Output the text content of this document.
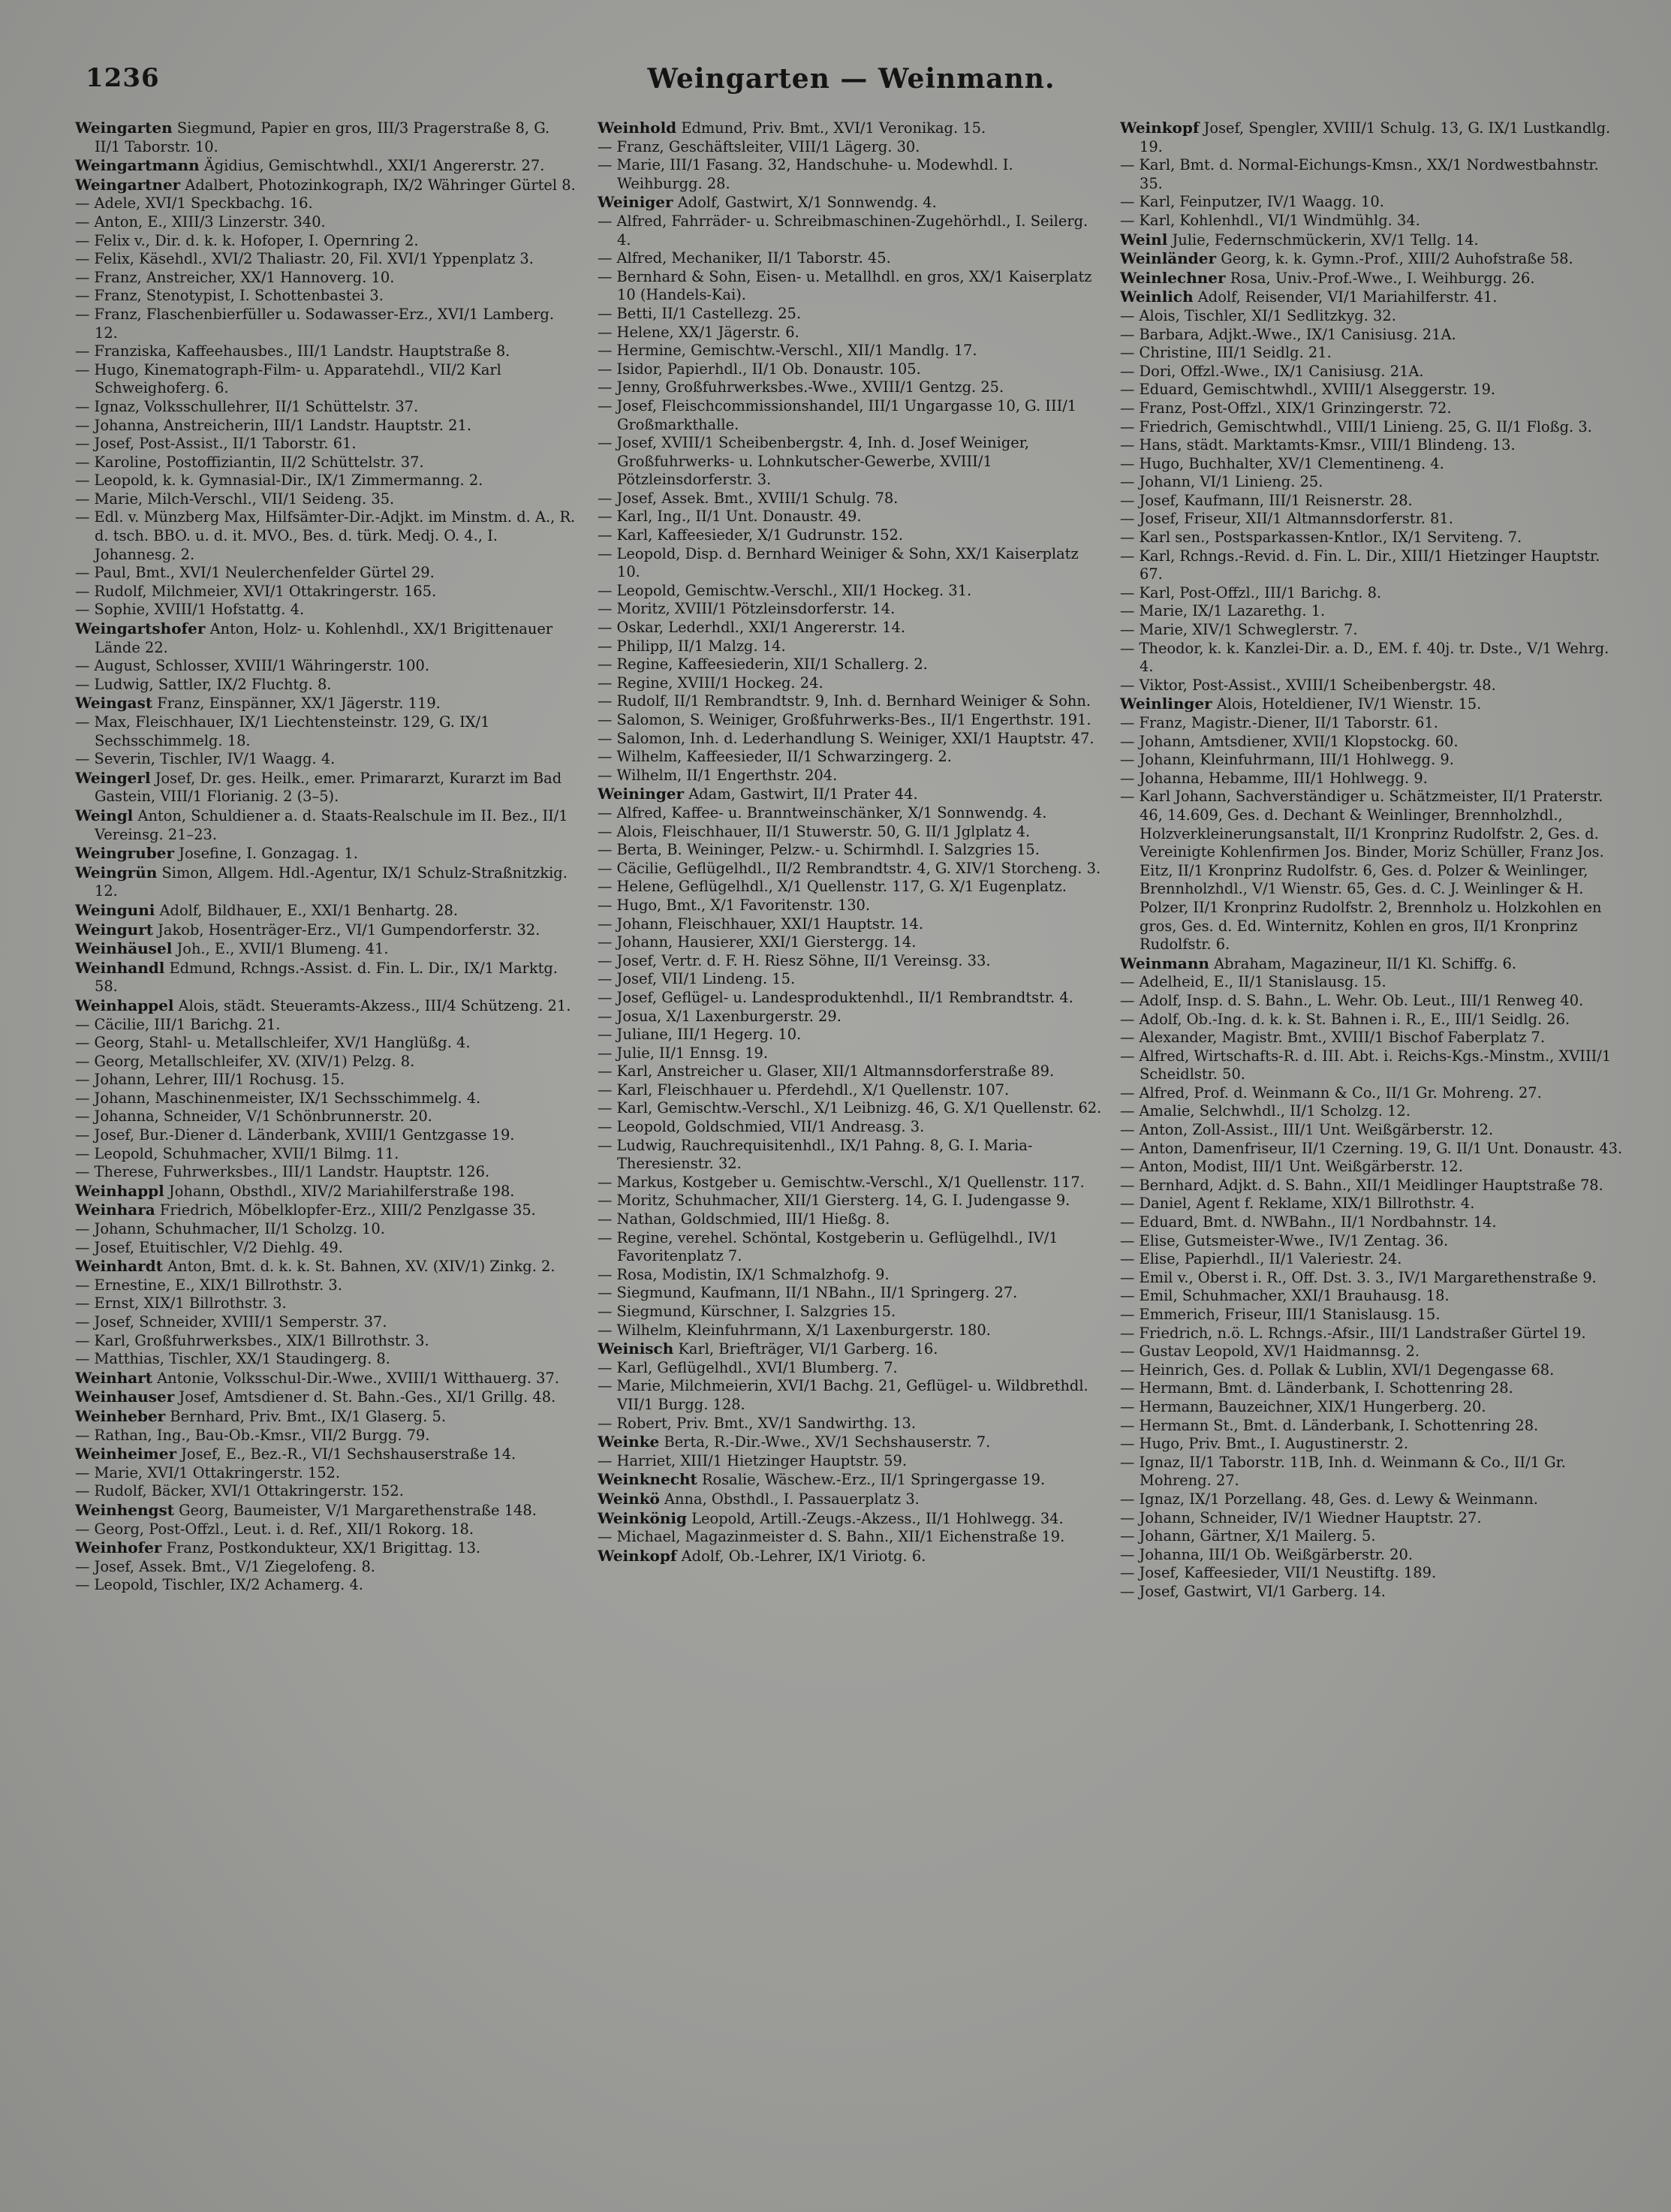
1236	Weingarten — Weinmann.
Weingarten Siegmund, Papier en gros, III/3 Pragerstraße 8, G. II/1 Taborstr. 10.
Weingartmann Ägidius, Gemischtwhdl., XXI/1 Angererstr. 27.
Weingartner Adalbert, Photozinkograph, IX/2 Währinger Gürtel 8.
— Adele, XVI/1 Speckbachg. 16.
— Anton, E., XIII/3 Linzerstr. 340.
— Felix v., Dir. d. k. k. Hofoper, I. Opernring 2.
— Felix, Käsehdl., XVI/2 Thaliastr. 20, Fil. XVI/1 Yppenplatz 3.
— Franz, Anstreicher, XX/1 Hannoverg. 10.
— Franz, Stenotypist, I. Schottenbastei 3.
— Franz, Flaschenbierfüller u. Sodawasser-Erz., XVI/1 Lamberg. 12.
— Franziska, Kaffeehausbes., III/1 Landstr. Hauptstraße 8.
— Hugo, Kinematograph-Film- u. Apparatehdl., VII/2 Karl Schweighoferg. 6.
— Ignaz, Volksschullehrer, II/1 Schüttelstr. 37.
— Johanna, Anstreicherin, III/1 Landstr. Hauptstr. 21.
— Josef, Post-Assist., II/1 Taborstr. 61.
— Karoline, Postoffiziantin, II/2 Schüttelstr. 37.
— Leopold, k. k. Gymnasial-Dir., IX/1 Zimmermanng. 2.
— Marie, Milch-Verschl., VII/1 Seideng. 35.
— Edl. v. Münzberg Max, Hilfsämter-Dir.-Adjkt. im Minstm. d. A., R. d. tsch. BBO. u. d. it. MVO., Bes. d. türk. Medj. O. 4., I. Johannesg. 2.
— Paul, Bmt., XVI/1 Neulerchenfelder Gürtel 29.
— Rudolf, Milchmeier, XVI/1 Ottakringerstr. 165.
— Sophie, XVIII/1 Hofstattg. 4.
Weingartshofer Anton, Holz- u. Kohlenhdl., XX/1 Brigittenauer Lände 22.
— August, Schlosser, XVIII/1 Währingerstr. 100.
— Ludwig, Sattler, IX/2 Fluchtg. 8.
Weingast Franz, Einspänner, XX/1 Jägerstr. 119.
— Max, Fleischhauer, IX/1 Liechtensteinstr. 129, G. IX/1 Sechsschimmelg. 18.
— Severin, Tischler, IV/1 Waagg. 4.
Weingerl Josef, Dr. ges. Heilk., emer. Primararzt, Kurarzt im Bad Gastein, VIII/1 Florianig. 2 (3–5).
Weingl Anton, Schuldiener a. d. Staats-Realschule im II. Bez., II/1 Vereinsg. 21–23.
Weingruber Josefine, I. Gonzagag. 1.
Weingrün Simon, Allgem. Hdl.-Agentur, IX/1 Schulz-Straßnitzkig. 12.
Weinguni Adolf, Bildhauer, E., XXI/1 Benhartg. 28.
Weingurt Jakob, Hosenträger-Erz., VI/1 Gumpendorferstr. 32.
Weinhäusel Joh., E., XVII/1 Blumeng. 41.
Weinhandl Edmund, Rchngs.-Assist. d. Fin. L. Dir., IX/1 Marktg. 58.
Weinhappel Alois, städt. Steueramts-Akzess., III/4 Schützeng. 21.
— Cäcilie, III/1 Barichg. 21.
— Georg, Stahl- u. Metallschleifer, XV/1 Hanglüßg. 4.
— Georg, Metallschleifer, XV. (XIV/1) Pelzg. 8.
— Johann, Lehrer, III/1 Rochusg. 15.
— Johann, Maschinenmeister, IX/1 Sechsschimmelg. 4.
— Johanna, Schneider, V/1 Schönbrunnerstr. 20.
— Josef, Bur.-Diener d. Länderbank, XVIII/1 Gentzgasse 19.
— Leopold, Schuhmacher, XVII/1 Bilmg. 11.
— Therese, Fuhrwerksbes., III/1 Landstr. Hauptstr. 126.
Weinhappl Johann, Obsthdl., XIV/2 Mariahilferstraße 198.
Weinhara Friedrich, Möbelklopfer-Erz., XIII/2 Penzlgasse 35.
— Johann, Schuhmacher, II/1 Scholzg. 10.
— Josef, Etuitischler, V/2 Diehlg. 49.
Weinhardt Anton, Bmt. d. k. k. St. Bahnen, XV. (XIV/1) Zinkg. 2.
— Ernestine, E., XIX/1 Billrothstr. 3.
— Ernst, XIX/1 Billrothstr. 3.
— Josef, Schneider, XVIII/1 Semperstr. 37.
— Karl, Großfuhrwerksbes., XIX/1 Billrothstr. 3.
— Matthias, Tischler, XX/1 Staudingerg. 8.
Weinhart Antonie, Volksschul-Dir.-Wwe., XVIII/1 Witthauerg. 37.
Weinhauser Josef, Amtsdiener d. St. Bahn.-Ges., XI/1 Grillg. 48.
Weinheber Bernhard, Priv. Bmt., IX/1 Glaserg. 5.
— Rathan, Ing., Bau-Ob.-Kmsr., VII/2 Burgg. 79.
Weinheimer Josef, E., Bez.-R., VI/1 Sechshauserstraße 14.
— Marie, XVI/1 Ottakringerstr. 152.
— Rudolf, Bäcker, XVI/1 Ottakringerstr. 152.
Weinhengst Georg, Baumeister, V/1 Margarethenstraße 148.
— Georg, Post-Offzl., Leut. i. d. Ref., XII/1 Rokorg. 18.
Weinhofer Franz, Postkondukteur, XX/1 Brigittag. 13.
— Josef, Assek. Bmt., V/1 Ziegelofeng. 8.
— Leopold, Tischler, IX/2 Achamerg. 4.
Weinhold Edmund, Priv. Bmt., XVI/1 Veronikag. 15.
— Franz, Geschäftsleiter, VIII/1 Lägerg. 30.
— Marie, III/1 Fasang. 32, Handschuhe- u. Modewhdl. I. Weihburgg. 28.
Weiniger Adolf, Gastwirt, X/1 Sonnwendg. 4.
— Alfred, Fahrräder- u. Schreibmaschinen-Zugehörhdl., I. Seilerg. 4.
— Alfred, Mechaniker, II/1 Taborstr. 45.
— Bernhard & Sohn, Eisen- u. Metallhdl. en gros, XX/1 Kaiserplatz 10 (Handels-Kai).
— Betti, II/1 Castellezg. 25.
— Helene, XX/1 Jägerstr. 6.
— Hermine, Gemischtw.-Verschl., XII/1 Mandlg. 17.
— Isidor, Papierhdl., II/1 Ob. Donaustr. 105.
— Jenny, Großfuhrwerksbes.-Wwe., XVIII/1 Gentzg. 25.
— Josef, Fleischcommissionshandel, III/1 Ungargasse 10, G. III/1 Großmarkthalle.
— Josef, XVIII/1 Scheibenbergstr. 4, Inh. d. Josef Weiniger, Großfuhrwerks- u. Lohnkutscher-Gewerbe, XVIII/1 Pötzleinsdorferstr. 3.
— Josef, Assek. Bmt., XVIII/1 Schulg. 78.
— Karl, Ing., II/1 Unt. Donaustr. 49.
— Karl, Kaffeesieder, X/1 Gudrunstr. 152.
— Leopold, Disp. d. Bernhard Weiniger & Sohn, XX/1 Kaiserplatz 10.
— Leopold, Gemischtw.-Verschl., XII/1 Hockeg. 31.
— Moritz, XVIII/1 Pötzleinsdorferstr. 14.
— Oskar, Lederhdl., XXI/1 Angererstr. 14.
— Philipp, II/1 Malzg. 14.
— Regine, Kaffeesiederin, XII/1 Schallerg. 2.
— Regine, XVIII/1 Hockeg. 24.
— Rudolf, II/1 Rembrandtstr. 9, Inh. d. Bernhard Weiniger & Sohn.
— Salomon, S. Weiniger, Großfuhrwerks-Bes., II/1 Engerthstr. 191.
— Salomon, Inh. d. Lederhandlung S. Weiniger, XXI/1 Hauptstr. 47.
— Wilhelm, Kaffeesieder, II/1 Schwarzingerg. 2.
— Wilhelm, II/1 Engerthstr. 204.
Weininger Adam, Gastwirt, II/1 Prater 44.
— Alfred, Kaffee- u. Branntweinschänker, X/1 Sonnwendg. 4.
— Alois, Fleischhauer, II/1 Stuwerstr. 50, G. II/1 Jglplatz 4.
— Berta, B. Weininger, Pelzw.- u. Schirmhdl. I. Salzgries 15.
— Cäcilie, Geflügelhdl., II/2 Rembrandtstr. 4, G. XIV/1 Storcheng. 3.
— Helene, Geflügelhdl., X/1 Quellenstr. 117, G. X/1 Eugenplatz.
— Hugo, Bmt., X/1 Favoritenstr. 130.
— Johann, Fleischhauer, XXI/1 Hauptstr. 14.
— Johann, Hausierer, XXI/1 Gierstergg. 14.
— Josef, Vertr. d. F. H. Riesz Söhne, II/1 Vereinsg. 33.
— Josef, VII/1 Lindeng. 15.
— Josef, Geflügel- u. Landesproduktenhdl., II/1 Rembrandtstr. 4.
— Josua, X/1 Laxenburgerstr. 29.
— Juliane, III/1 Hegerg. 10.
— Julie, II/1 Ennsg. 19.
— Karl, Anstreicher u. Glaser, XII/1 Altmannsdorferstraße 89.
— Karl, Fleischhauer u. Pferdehdl., X/1 Quellenstr. 107.
— Karl, Gemischtw.-Verschl., X/1 Leibnizg. 46, G. X/1 Quellenstr. 62.
— Leopold, Goldschmied, VII/1 Andreasg. 3.
— Ludwig, Rauchrequisitenhdl., IX/1 Pahng. 8, G. I. Maria-Theresienstr. 32.
— Markus, Kostgeber u. Gemischtw.-Verschl., X/1 Quellenstr. 117.
— Moritz, Schuhmacher, XII/1 Giersterg. 14, G. I. Judengasse 9.
— Nathan, Goldschmied, III/1 Hießg. 8.
— Regine, verehel. Schöntal, Kostgeberin u. Geflügelhdl., IV/1 Favoritenplatz 7.
— Rosa, Modistin, IX/1 Schmalzhofg. 9.
— Siegmund, Kaufmann, II/1 NBahn., II/1 Springerg. 27.
— Siegmund, Kürschner, I. Salzgries 15.
— Wilhelm, Kleinfuhrmann, X/1 Laxenburgerstr. 180.
Weinisch Karl, Briefträger, VI/1 Garberg. 16.
— Karl, Geflügelhdl., XVI/1 Blumberg. 7.
— Marie, Milchmeierin, XVI/1 Bachg. 21, Geflügel- u. Wildbrethdl. VII/1 Burgg. 128.
— Robert, Priv. Bmt., XV/1 Sandwirthg. 13.
Weinke Berta, R.-Dir.-Wwe., XV/1 Sechshauserstr. 7.
— Harriet, XIII/1 Hietzinger Hauptstr. 59.
Weinknecht Rosalie, Wäschew.-Erz., II/1 Springergasse 19.
Weinkö Anna, Obsthdl., I. Passauerplatz 3.
Weinkönig Leopold, Artill.-Zeugs.-Akzess., II/1 Hohlwegg. 34.
— Michael, Magazinmeister d. S. Bahn., XII/1 Eichenstraße 19.
Weinkopf Adolf, Ob.-Lehrer, IX/1 Viriotg. 6.
Weinkopf Josef, Spengler, XVIII/1 Schulg. 13, G. IX/1 Lustkandlg. 19.
— Karl, Bmt. d. Normal-Eichungs-Kmsn., XX/1 Nordwestbahnstr. 35.
— Karl, Feinputzer, IV/1 Waagg. 10.
— Karl, Kohlenhdl., VI/1 Windmühlg. 34.
Weinl Julie, Federnschmückerin, XV/1 Tellg. 14.
Weinländer Georg, k. k. Gymn.-Prof., XIII/2 Auhofstraße 58.
Weinlechner Rosa, Univ.-Prof.-Wwe., I. Weihburgg. 26.
Weinlich Adolf, Reisender, VI/1 Mariahilferstr. 41.
— Alois, Tischler, XI/1 Sedlitzkyg. 32.
— Barbara, Adjkt.-Wwe., IX/1 Canisiusg. 21A.
— Christine, III/1 Seidlg. 21.
— Dori, Offzl.-Wwe., IX/1 Canisiusg. 21A.
— Eduard, Gemischtwhdl., XVIII/1 Alseggerstr. 19.
— Franz, Post-Offzl., XIX/1 Grinzingerstr. 72.
— Friedrich, Gemischtwhdl., VIII/1 Linieng. 25, G. II/1 Floßg. 3.
— Hans, städt. Marktamts-Kmsr., VIII/1 Blindeng. 13.
— Hugo, Buchhalter, XV/1 Clementineng. 4.
— Johann, VI/1 Linieng. 25.
— Josef, Kaufmann, III/1 Reisnerstr. 28.
— Josef, Friseur, XII/1 Altmannsdorferstr. 81.
— Karl sen., Postsparkassen-Kntlor., IX/1 Serviteng. 7.
— Karl, Rchngs.-Revid. d. Fin. L. Dir., XIII/1 Hietzinger Hauptstr. 67.
— Karl, Post-Offzl., III/1 Barichg. 8.
— Marie, IX/1 Lazarethg. 1.
— Marie, XIV/1 Schweglerstr. 7.
— Theodor, k. k. Kanzlei-Dir. a. D., EM. f. 40j. tr. Dste., V/1 Wehrg. 4.
— Viktor, Post-Assist., XVIII/1 Scheibenbergstr. 48.
Weinlinger Alois, Hoteldiener, IV/1 Wienstr. 15.
— Franz, Magistr.-Diener, II/1 Taborstr. 61.
— Johann, Amtsdiener, XVII/1 Klopstockg. 60.
— Johann, Kleinfuhrmann, III/1 Hohlwegg. 9.
— Johanna, Hebamme, III/1 Hohlwegg. 9.
— Karl Johann, Sachverständiger u. Schätzmeister, II/1 Praterstr. 46, 14.609, Ges. d. Dechant & Weinlinger, Brennholzhdl., Holzverkleinerungsanstalt, II/1 Kronprinz Rudolfstr. 2, Ges. d. Vereinigte Kohlenfirmen Jos. Binder, Moriz Schüller, Franz Jos. Eitz, II/1 Kronprinz Rudolfstr. 6, Ges. d. Polzer & Weinlinger, Brennholzhdl., V/1 Wienstr. 65, Ges. d. C. J. Weinlinger & H. Polzer, II/1 Kronprinz Rudolfstr. 2, Brennholz u. Holzkohlen en gros, Ges. d. Ed. Winternitz, Kohlen en gros, II/1 Kronprinz Rudolfstr. 6.
Weinmann Abraham, Magazineur, II/1 Kl. Schiffg. 6.
— Adelheid, E., II/1 Stanislausg. 15.
— Adolf, Insp. d. S. Bahn., L. Wehr. Ob. Leut., III/1 Renweg 40.
— Adolf, Ob.-Ing. d. k. k. St. Bahnen i. R., E., III/1 Seidlg. 26.
— Alexander, Magistr. Bmt., XVIII/1 Bischof Faberplatz 7.
— Alfred, Wirtschafts-R. d. III. Abt. i. Reichs-Kgs.-Minstm., XVIII/1 Scheidlstr. 50.
— Alfred, Prof. d. Weinmann & Co., II/1 Gr. Mohreng. 27.
— Amalie, Selchwhdl., II/1 Scholzg. 12.
— Anton, Zoll-Assist., III/1 Unt. Weißgärberstr. 12.
— Anton, Damenfriseur, II/1 Czerning. 19, G. II/1 Unt. Donaustr. 43.
— Anton, Modist, III/1 Unt. Weißgärberstr. 12.
— Bernhard, Adjkt. d. S. Bahn., XII/1 Meidlinger Hauptstraße 78.
— Daniel, Agent f. Reklame, XIX/1 Billrothstr. 4.
— Eduard, Bmt. d. NWBahn., II/1 Nordbahnstr. 14.
— Elise, Gutsmeister-Wwe., IV/1 Zentag. 36.
— Elise, Papierhdl., II/1 Valeriestr. 24.
— Emil v., Oberst i. R., Off. Dst. 3. 3., IV/1 Margarethenstraße 9.
— Emil, Schuhmacher, XXI/1 Brauhausg. 18.
— Emmerich, Friseur, III/1 Stanislausg. 15.
— Friedrich, n.ö. L. Rchngs.-Afsir., III/1 Landstraßer Gürtel 19.
— Gustav Leopold, XV/1 Haidmannsg. 2.
— Heinrich, Ges. d. Pollak & Lublin, XVI/1 Degengasse 68.
— Hermann, Bmt. d. Länderbank, I. Schottenring 28.
— Hermann, Bauzeichner, XIX/1 Hungerberg. 20.
— Hermann St., Bmt. d. Länderbank, I. Schottenring 28.
— Hugo, Priv. Bmt., I. Augustinerstr. 2.
— Ignaz, II/1 Taborstr. 11B, Inh. d. Weinmann & Co., II/1 Gr. Mohreng. 27.
— Ignaz, IX/1 Porzellang. 48, Ges. d. Lewy & Weinmann.
— Johann, Schneider, IV/1 Wiedner Hauptstr. 27.
— Johann, Gärtner, X/1 Mailerg. 5.
— Johanna, III/1 Ob. Weißgärberstr. 20.
— Josef, Kaffeesieder, VII/1 Neustiftg. 189.
— Josef, Gastwirt, VI/1 Garberg. 14.
